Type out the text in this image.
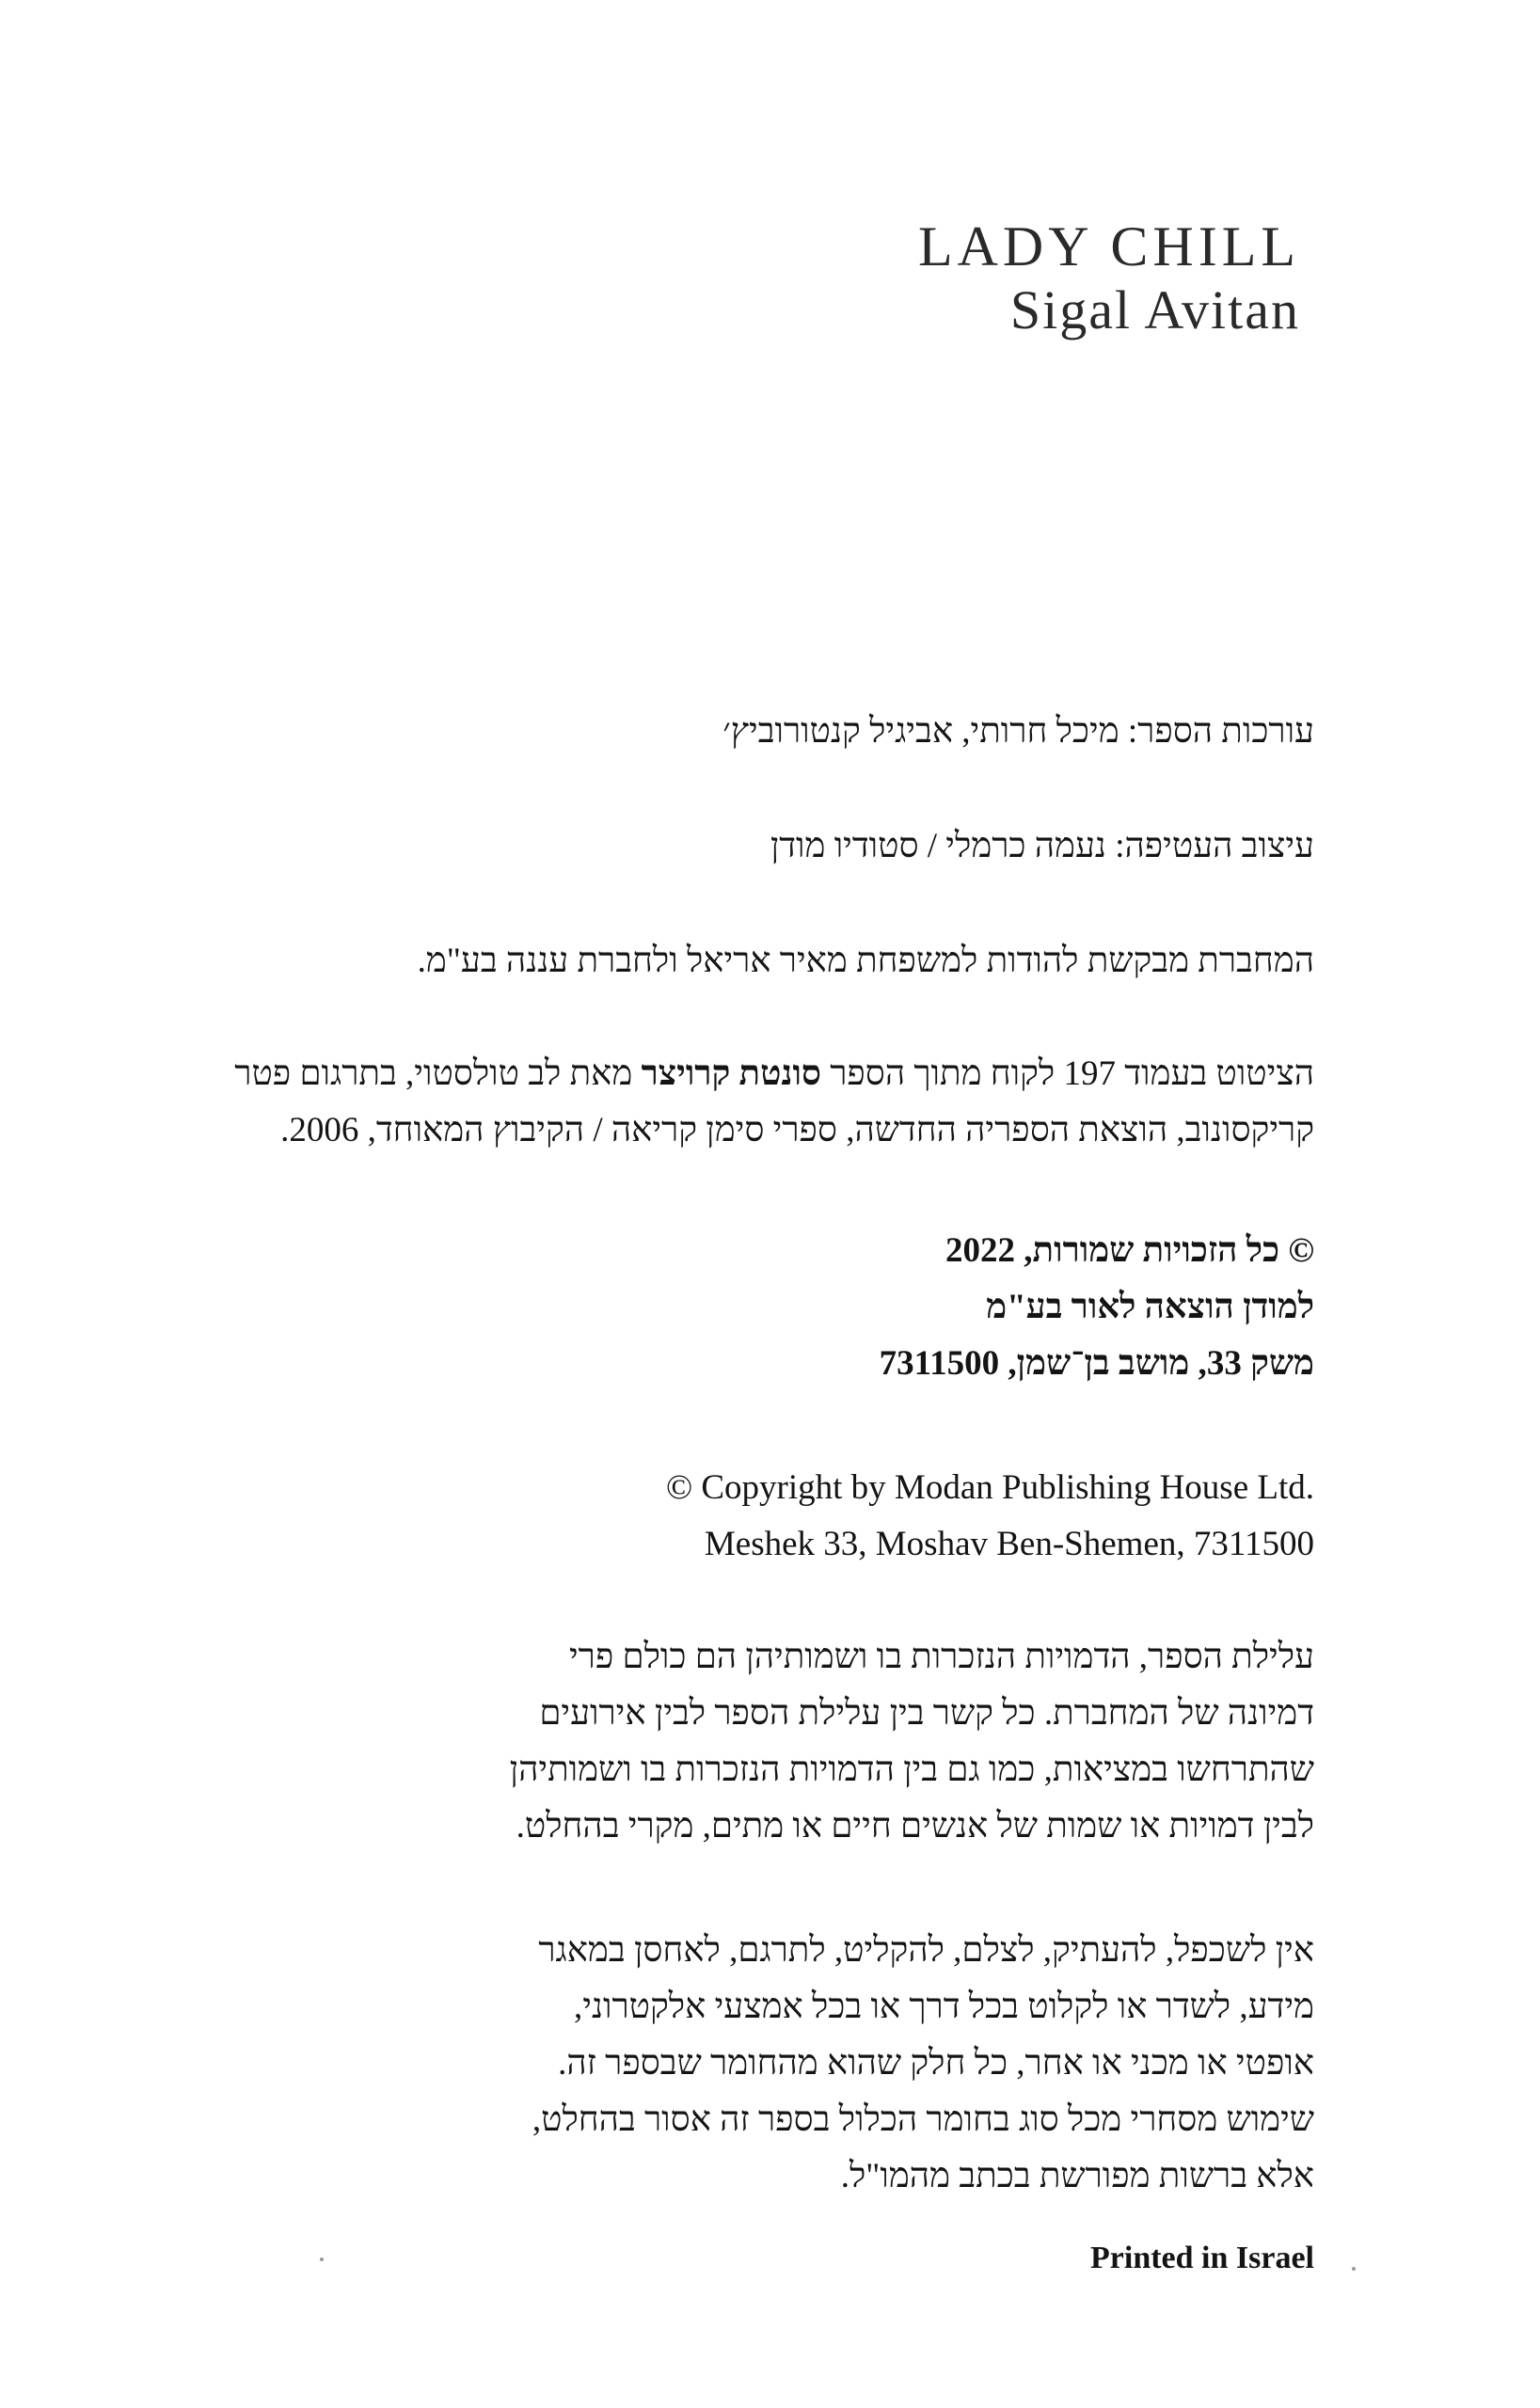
LADY CHILL
Sigal Avitan
עורכות הספר: מיכל חרותי, אביגיל קנטורוביץ׳
עיצוב העטיפה: נעמה כרמלי / סטודיו מודן
המחברת מבקשת להודות למשפחת מאיר אריאל ולחברת עננה בע"מ.
הציטוט בעמוד 197 לקוח מתוך הספר סונטת קרויצר מאת לב טולסטוי, בתרגום פטר
קריקסונוב, הוצאת הספריה החדשה, ספרי סימן קריאה / הקיבוץ המאוחד, 2006.
© כל הזכויות שמורות, 2022
למודן הוצאה לאור בע"מ
משק 33, מושב בן־שמן, 7311500
© Copyright by Modan Publishing House Ltd.
Meshek 33, Moshav Ben-Shemen, 7311500
עלילת הספר, הדמויות הנזכרות בו ושמותיהן הם כולם פרי
דמיונה של המחברת. כל קשר בין עלילת הספר לבין אירועים
שהתרחשו במציאות, כמו גם בין הדמויות הנזכרות בו ושמותיהן
לבין דמויות או שמות של אנשים חיים או מתים, מקרי בהחלט.
אין לשכפל, להעתיק, לצלם, להקליט, לתרגם, לאחסן במאגר
מידע, לשדר או לקלוט בכל דרך או בכל אמצעי אלקטרוני,
אופטי או מכני או אחר, כל חלק שהוא מהחומר שבספר זה.
שימוש מסחרי מכל סוג בחומר הכלול בספר זה אסור בהחלט,
אלא ברשות מפורשת בכתב מהמו"ל.
Printed in Israel
